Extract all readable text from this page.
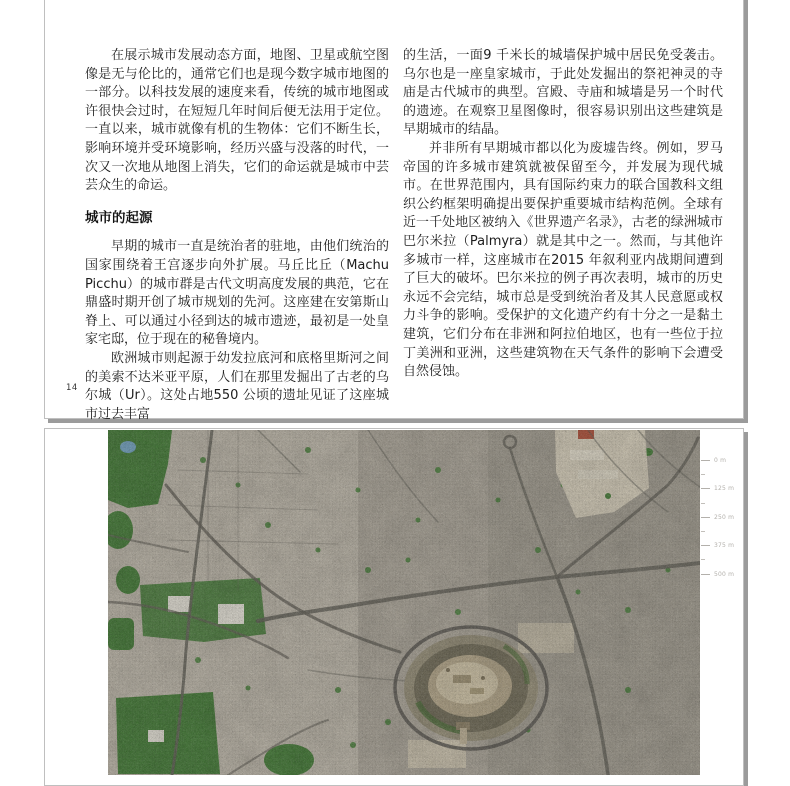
在展示城市发展动态方面，地图、卫星或航空图像是无与伦比的，通常它们也是现今数字城市地图的一部分。以科技发展的速度来看，传统的城市地图或许很快会过时，在短短几年时间后便无法用于定位。一直以来，城市就像有机的生物体：它们不断生长，影响环境并受环境影响，经历兴盛与没落的时代，一次又一次地从地图上消失，它们的命运就是城市中芸芸众生的命运。

城市的起源

早期的城市一直是统治者的驻地，由他们统治的国家围绕着王宫逐步向外扩展。马丘比丘（Machu Picchu）的城市群是古代文明高度发展的典范，它在鼎盛时期开创了城市规划的先河。这座建在安第斯山脊上、可以通过小径到达的城市遗迹，最初是一处皇家宅邸，位于现在的秘鲁境内。

欧洲城市则起源于幼发拉底河和底格里斯河之间的美索不达米亚平原，人们在那里发掘出了古老的乌尔城（Ur）。这处占地550 公顷的遗址见证了这座城市过去丰富

的生活，一面9 千米长的城墙保护城中居民免受袭击。乌尔也是一座皇家城市，于此处发掘出的祭祀神灵的寺庙是古代城市的典型。宫殿、寺庙和城墙是另一个时代的遗迹。在观察卫星图像时，很容易识别出这些建筑是早期城市的结晶。

并非所有早期城市都以化为废墟告终。例如，罗马帝国的许多城市建筑就被保留至今，并发展为现代城市。在世界范围内，具有国际约束力的联合国教科文组织公约框架明确提出要保护重要城市结构范例。全球有近一千处地区被纳入《世界遗产名录》，古老的绿洲城市巴尔米拉（Palmyra）就是其中之一。然而，与其他许多城市一样，这座城市在2015 年叙利亚内战期间遭到了巨大的破坏。巴尔米拉的例子再次表明，城市的历史永远不会完结，城市总是受到统治者及其人民意愿或权力斗争的影响。受保护的文化遗产约有十分之一是黏土建筑，它们分布在非洲和阿拉伯地区，也有一些位于拉丁美洲和亚洲，这些建筑物在天气条件的影响下会遭受自然侵蚀。

14
0 m
125 m
250 m
375 m
500 m
